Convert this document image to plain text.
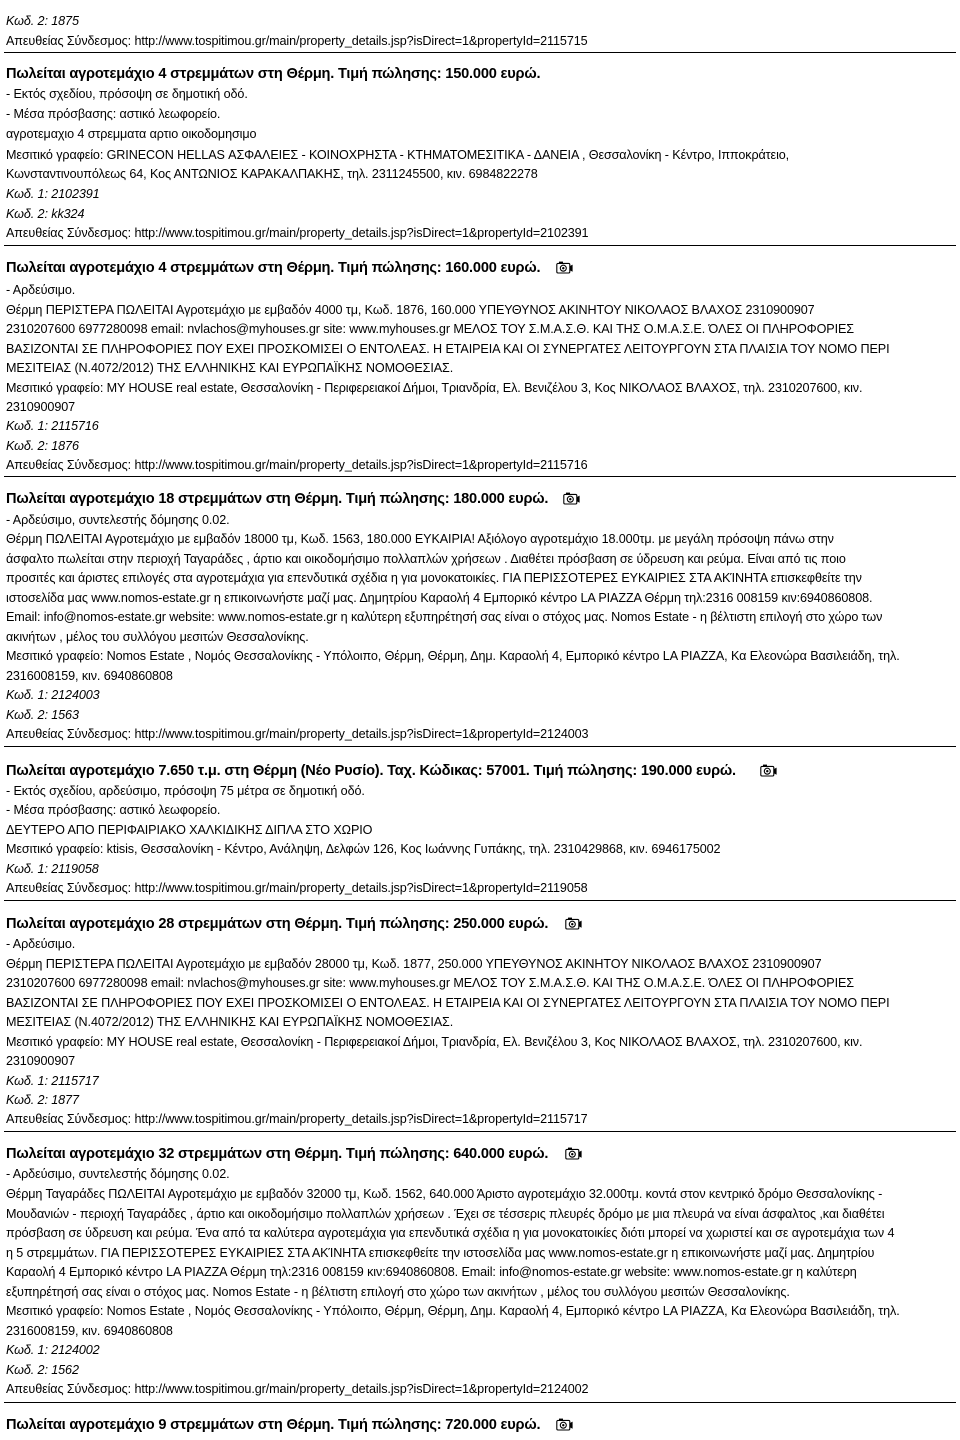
Κωδ. 2: 1875
Απευθείας Σύνδεσμος: http://www.tospitimou.gr/main/property_details.jsp?isDirect=1&propertyId=2115715
Πωλείται αγροτεμάχιο 4 στρεμμάτων στη Θέρμη. Τιμή πώλησης: 150.000 ευρώ.
- Εκτός σχεδίου, πρόσοψη σε δημοτική οδό.
- Μέσα πρόσβασης: αστικό λεωφορείο.
αγροτεμαχιο 4 στρεμματα αρτιο οικοδομησιμο
Μεσιτικό γραφείο: GRINECON HELLAS ΑΣΦΑΛΕΙΕΣ - ΚΟΙΝΟΧΡΗΣΤΑ - ΚΤΗΜΑΤΟΜΕΣΙΤΙΚΑ - ΔΑΝΕΙΑ , Θεσσαλονίκη - Κέντρο, Ιπποκράτειο,
Κωνσταντινουπόλεως 64, Κος ΑΝΤΩΝΙΟΣ ΚΑΡΑΚΑΛΠΑΚΗΣ, τηλ. 2311245500, κιν. 6984822278
Κωδ. 1: 2102391
Κωδ. 2: kk324
Απευθείας Σύνδεσμος: http://www.tospitimou.gr/main/property_details.jsp?isDirect=1&propertyId=2102391
Πωλείται αγροτεμάχιο 4 στρεμμάτων στη Θέρμη. Τιμή πώλησης: 160.000 ευρώ.
- Αρδεύσιμο.
Θέρμη ΠΕΡΙΣΤΕΡΑ ΠΩΛΕΙΤΑΙ Αγροτεμάχιο με εμβαδόν 4000 τμ, Κωδ. 1876, 160.000 ΥΠΕΥΘΥΝΟΣ ΑΚΙΝΗΤΟΥ ΝΙΚΟΛΑΟΣ ΒΛΑΧΟΣ 2310900907
2310207600 6977280098 email: nvlachos@myhouses.gr site: www.myhouses.gr ΜΕΛΟΣ ΤΟΥ Σ.Μ.Α.Σ.Θ. ΚΑΙ ΤΗΣ Ο.Μ.Α.Σ.Ε. ΌΛΕΣ ΟΙ ΠΛΗΡΟΦΟΡΙΕΣ
ΒΑΣΙΖΟΝΤΑΙ ΣΕ ΠΛΗΡΟΦΟΡΙΕΣ ΠΟΥ ΕΧΕΙ ΠΡΟΣΚΟΜΙΣΕΙ Ο ΕΝΤΟΛΕΑΣ. Η ΕΤΑΙΡΕΙΑ ΚΑΙ ΟΙ ΣΥΝΕΡΓΑΤΕΣ ΛΕΙΤΟΥΡΓΟΥΝ ΣΤΑ ΠΛΑΙΣΙΑ ΤΟΥ ΝΟΜΟ ΠΕΡΙ
ΜΕΣΙΤΕΙΑΣ (Ν.4072/2012) ΤΗΣ ΕΛΛΗΝΙΚΗΣ ΚΑΙ ΕΥΡΩΠΑΪΚΗΣ ΝΟΜΟΘΕΣΙΑΣ.
Μεσιτικό γραφείο: MY HOUSE real estate, Θεσσαλονίκη - Περιφερειακοί Δήμοι, Τριανδρία, Ελ. Βενιζέλου 3, Κος ΝΙΚΟΛΑΟΣ ΒΛΑΧΟΣ, τηλ. 2310207600, κιν.
2310900907
Κωδ. 1: 2115716
Κωδ. 2: 1876
Απευθείας Σύνδεσμος: http://www.tospitimou.gr/main/property_details.jsp?isDirect=1&propertyId=2115716
Πωλείται αγροτεμάχιο 18 στρεμμάτων στη Θέρμη. Τιμή πώλησης: 180.000 ευρώ.
- Αρδεύσιμο, συντελεστής δόμησης 0.02.
Θέρμη ΠΩΛΕΙΤΑΙ Αγροτεμάχιο με εμβαδόν 18000 τμ, Κωδ. 1563, 180.000 ΕΥΚΑΙΡΙΑ! Αξιόλογο αγροτεμάχιο 18.000τμ. με μεγάλη πρόσοψη πάνω στην
άσφαλτο πωλείται στην περιοχή Ταγαράδες , άρτιο και οικοδομήσιμο πολλαπλών χρήσεων . Διαθέτει πρόσβαση σε ύδρευση και ρεύμα. Είναι από τις ποιο
προσιτές και άριστες επιλογές στα αγροτεμάχια για επενδυτικά σχέδια η για μονοκατοικίες. ΓΙΑ ΠΕΡΙΣΣΟΤΕΡΕΣ ΕΥΚΑΙΡΙΕΣ ΣΤΑ ΑΚΊΝΗΤΑ επισκεφθείτε την
ιστοσελίδα μας www.nomos-estate.gr η επικοινωνήστε μαζί μας. Δημητρίου Καραολή 4 Εμπορικό κέντρο LA PIAZZA Θέρμη τηλ:2316 008159 κιν:6940860808.
Email: info@nomos-estate.gr website: www.nomos-estate.gr η καλύτερη εξυπηρέτησή σας είναι ο στόχος μας. Nomos Estate - η βέλτιστη επιλογή στο χώρο των
ακινήτων , μέλος του συλλόγου μεσιτών Θεσσαλονίκης.
Μεσιτικό γραφείο: Nomos Estate , Νομός Θεσσαλονίκης - Υπόλοιπο, Θέρμη, Θέρμη, Δημ. Καραολή 4, Εμπορικό κέντρο LA PIAZZA, Κα Ελεονώρα Βασιλειάδη, τηλ.
2316008159, κιν. 6940860808
Κωδ. 1: 2124003
Κωδ. 2: 1563
Απευθείας Σύνδεσμος: http://www.tospitimou.gr/main/property_details.jsp?isDirect=1&propertyId=2124003
Πωλείται αγροτεμάχιο 7.650 τ.μ. στη Θέρμη (Νέο Ρυσίο). Ταχ. Κώδικας: 57001. Τιμή πώλησης: 190.000 ευρώ.
- Εκτός σχεδίου, αρδεύσιμο, πρόσοψη 75 μέτρα σε δημοτική οδό.
- Μέσα πρόσβασης: αστικό λεωφορείο.
ΔΕΥΤΕΡΟ ΑΠΟ ΠΕΡΙΦΑΙΡΙΑΚΟ ΧΑΛΚΙΔΙΚΗΣ ΔΙΠΛΑ ΣΤΟ ΧΩΡΙΟ
Μεσιτικό γραφείο: ktisis, Θεσσαλονίκη - Κέντρο, Ανάληψη, Δελφών 126, Κος Ιωάννης Γυπάκης, τηλ. 2310429868, κιν. 6946175002
Κωδ. 1: 2119058
Απευθείας Σύνδεσμος: http://www.tospitimou.gr/main/property_details.jsp?isDirect=1&propertyId=2119058
Πωλείται αγροτεμάχιο 28 στρεμμάτων στη Θέρμη. Τιμή πώλησης: 250.000 ευρώ.
- Αρδεύσιμο.
Θέρμη ΠΕΡΙΣΤΕΡΑ ΠΩΛΕΙΤΑΙ Αγροτεμάχιο με εμβαδόν 28000 τμ, Κωδ. 1877, 250.000 ΥΠΕΥΘΥΝΟΣ ΑΚΙΝΗΤΟΥ ΝΙΚΟΛΑΟΣ ΒΛΑΧΟΣ 2310900907
2310207600 6977280098 email: nvlachos@myhouses.gr site: www.myhouses.gr ΜΕΛΟΣ ΤΟΥ Σ.Μ.Α.Σ.Θ. ΚΑΙ ΤΗΣ Ο.Μ.Α.Σ.Ε. ΌΛΕΣ ΟΙ ΠΛΗΡΟΦΟΡΙΕΣ
ΒΑΣΙΖΟΝΤΑΙ ΣΕ ΠΛΗΡΟΦΟΡΙΕΣ ΠΟΥ ΕΧΕΙ ΠΡΟΣΚΟΜΙΣΕΙ Ο ΕΝΤΟΛΕΑΣ. Η ΕΤΑΙΡΕΙΑ ΚΑΙ ΟΙ ΣΥΝΕΡΓΑΤΕΣ ΛΕΙΤΟΥΡΓΟΥΝ ΣΤΑ ΠΛΑΙΣΙΑ ΤΟΥ ΝΟΜΟ ΠΕΡΙ
ΜΕΣΙΤΕΙΑΣ (Ν.4072/2012) ΤΗΣ ΕΛΛΗΝΙΚΗΣ ΚΑΙ ΕΥΡΩΠΑΪΚΗΣ ΝΟΜΟΘΕΣΙΑΣ.
Μεσιτικό γραφείο: MY HOUSE real estate, Θεσσαλονίκη - Περιφερειακοί Δήμοι, Τριανδρία, Ελ. Βενιζέλου 3, Κος ΝΙΚΟΛΑΟΣ ΒΛΑΧΟΣ, τηλ. 2310207600, κιν.
2310900907
Κωδ. 1: 2115717
Κωδ. 2: 1877
Απευθείας Σύνδεσμος: http://www.tospitimou.gr/main/property_details.jsp?isDirect=1&propertyId=2115717
Πωλείται αγροτεμάχιο 32 στρεμμάτων στη Θέρμη. Τιμή πώλησης: 640.000 ευρώ.
- Αρδεύσιμο, συντελεστής δόμησης 0.02.
Θέρμη Ταγαράδες ΠΩΛΕΙΤΑΙ Αγροτεμάχιο με εμβαδόν 32000 τμ, Κωδ. 1562, 640.000 Άριστο αγροτεμάχιο 32.000τμ. κοντά στον κεντρικό δρόμο Θεσσαλονίκης -
Μουδανιών - περιοχή Ταγαράδες , άρτιο και οικοδομήσιμο πολλαπλών χρήσεων . Έχει σε τέσσερις πλευρές δρόμο με μια πλευρά να είναι άσφαλτος ,και διαθέτει
πρόσβαση σε ύδρευση και ρεύμα. Ένα από τα καλύτερα αγροτεμάχια για επενδυτικά σχέδια η για μονοκατοικίες διότι μπορεί να χωριστεί και σε αγροτεμάχια των 4
η 5 στρεμμάτων. ΓΙΑ ΠΕΡΙΣΣΟΤΕΡΕΣ ΕΥΚΑΙΡΙΕΣ ΣΤΑ ΑΚΊΝΗΤΑ επισκεφθείτε την ιστοσελίδα μας www.nomos-estate.gr η επικοινωνήστε μαζί μας. Δημητρίου
Καραολή 4 Εμπορικό κέντρο LA PIAZZA Θέρμη τηλ:2316 008159 κιν:6940860808. Email: info@nomos-estate.gr website: www.nomos-estate.gr η καλύτερη
εξυπηρέτησή σας είναι ο στόχος μας. Nomos Estate - η βέλτιστη επιλογή στο χώρο των ακινήτων , μέλος του συλλόγου μεσιτών Θεσσαλονίκης.
Μεσιτικό γραφείο: Nomos Estate , Νομός Θεσσαλονίκης - Υπόλοιπο, Θέρμη, Θέρμη, Δημ. Καραολή 4, Εμπορικό κέντρο LA PIAZZA, Κα Ελεονώρα Βασιλειάδη, τηλ.
2316008159, κιν. 6940860808
Κωδ. 1: 2124002
Κωδ. 2: 1562
Απευθείας Σύνδεσμος: http://www.tospitimou.gr/main/property_details.jsp?isDirect=1&propertyId=2124002
Πωλείται αγροτεμάχιο 9 στρεμμάτων στη Θέρμη. Τιμή πώλησης: 720.000 ευρώ.
